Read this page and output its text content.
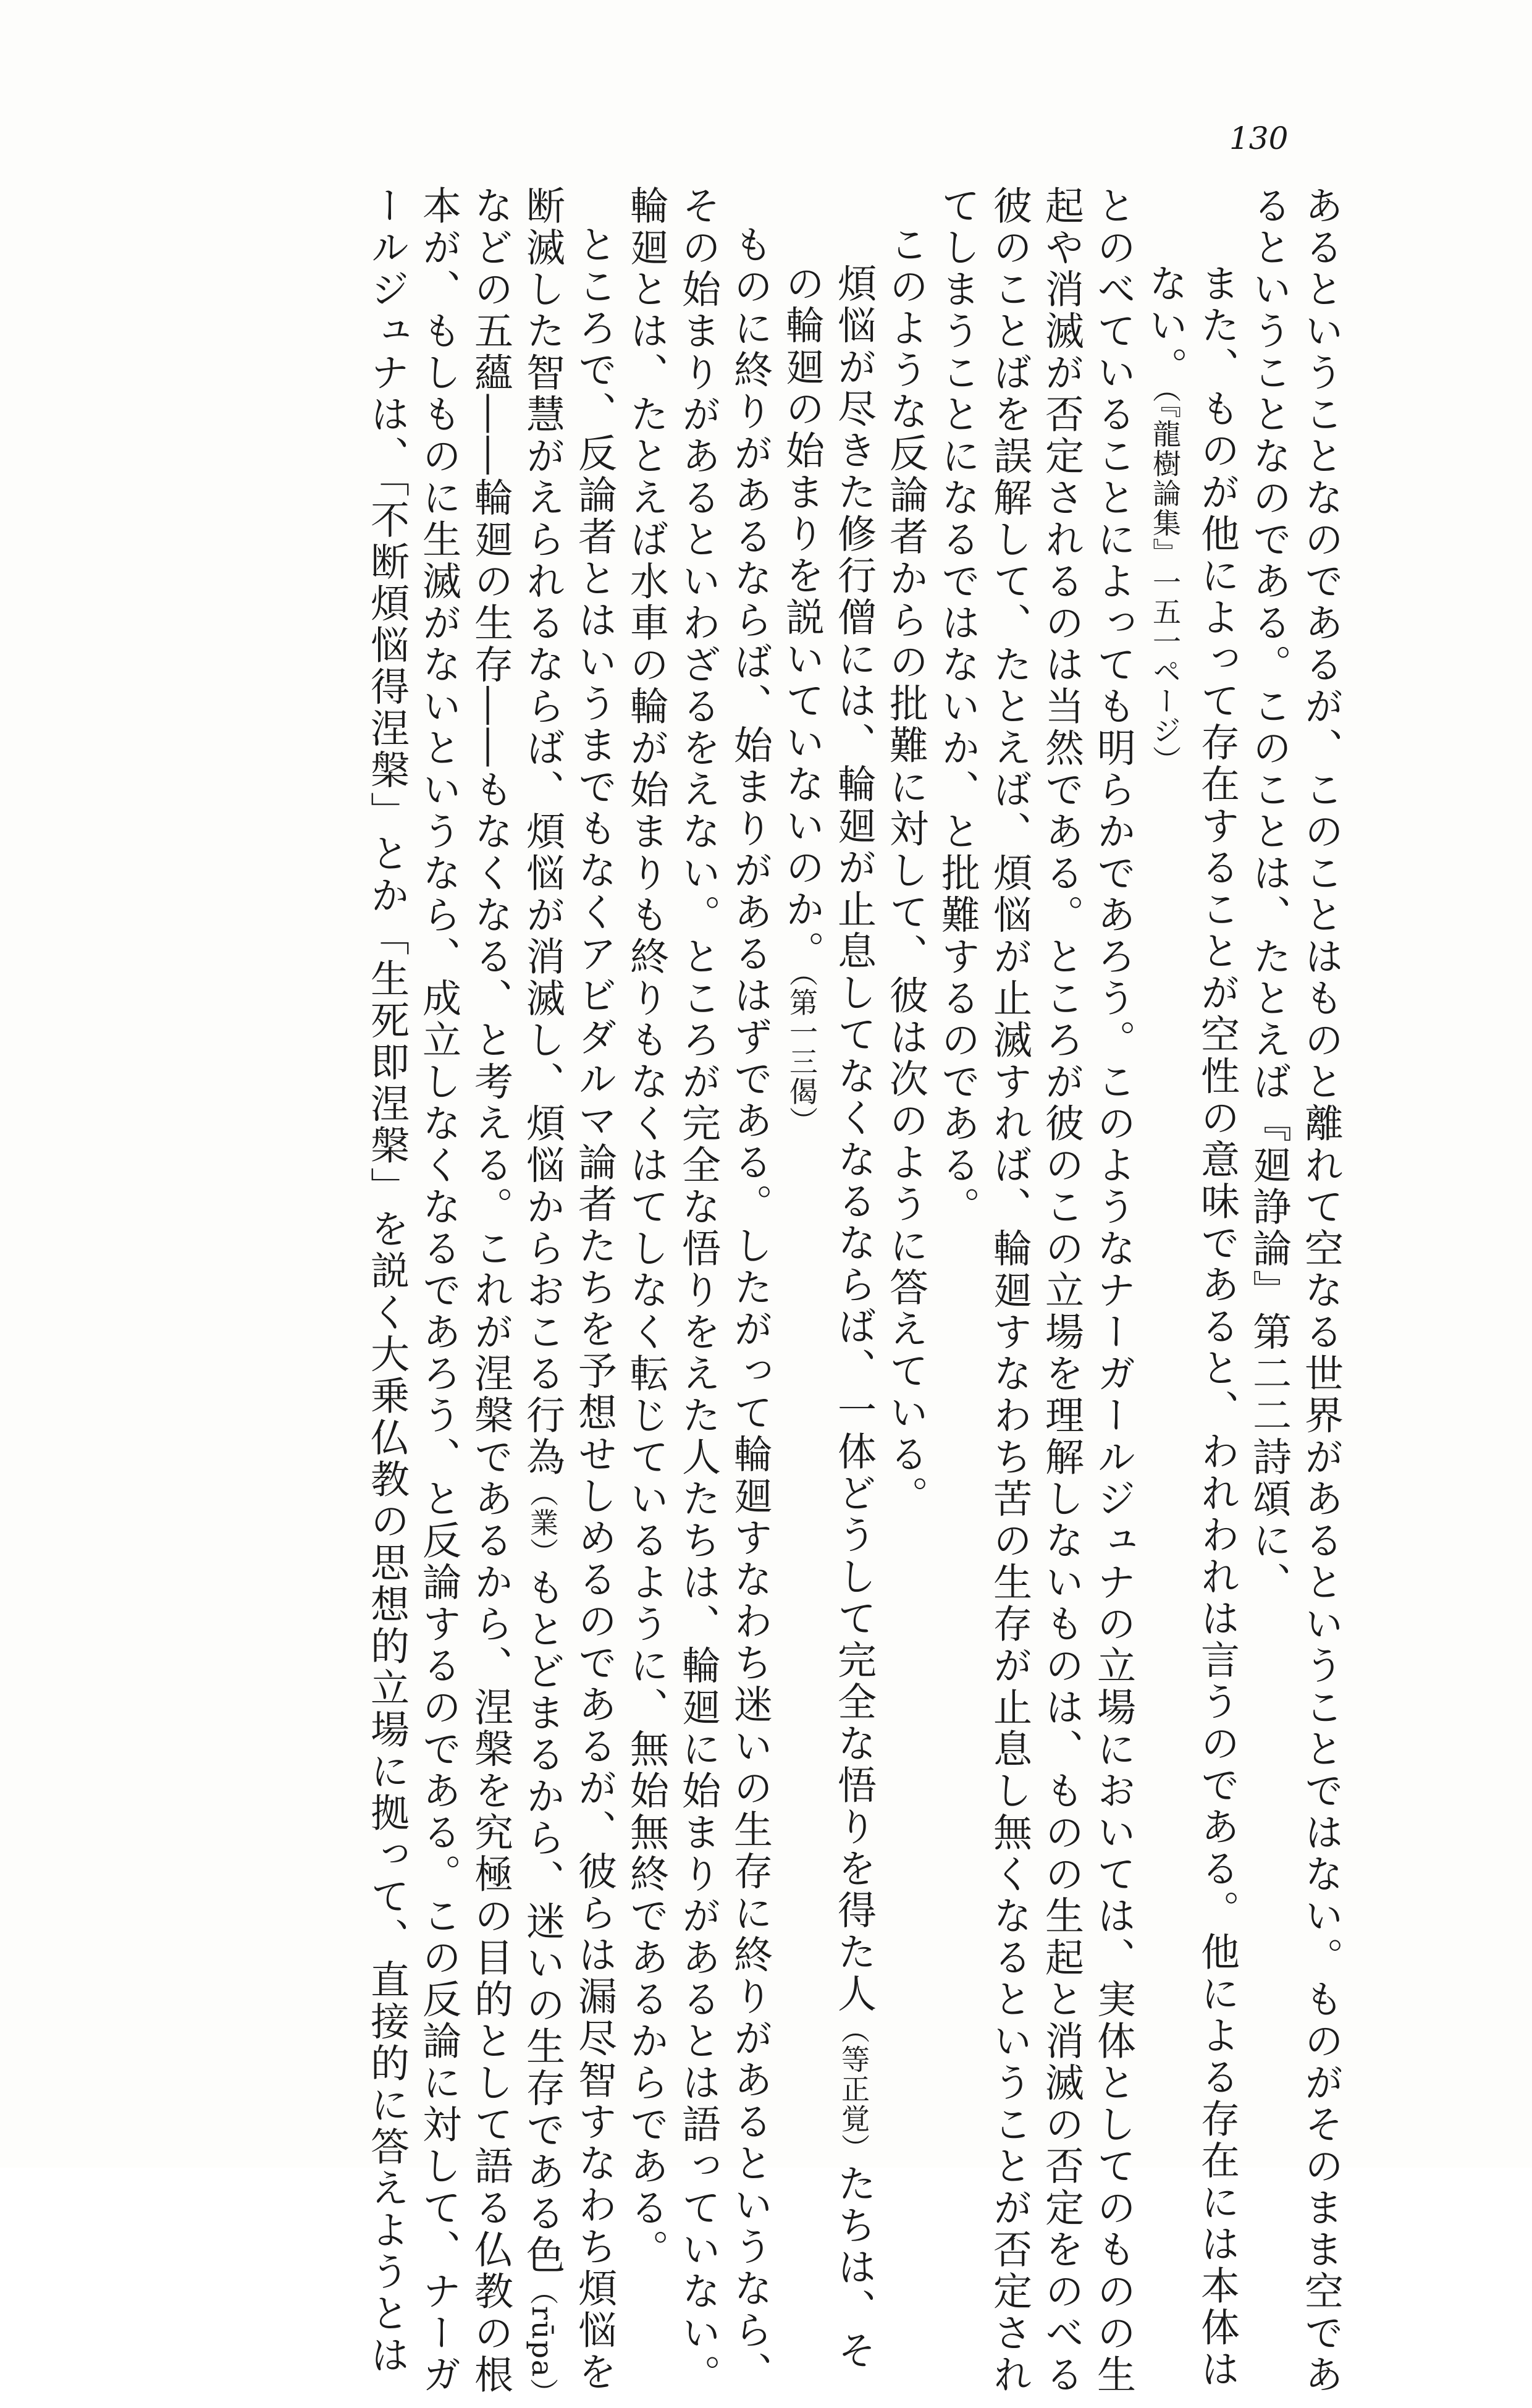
130
あるということなのであるが、このことはものと離れて空なる世界があるということではない。ものがそのまま空であ
るということなのである。このことは、たとえば『廻諍論』第二二詩頌に、
また、ものが他によって存在することが空性の意味であると、われわれは言うのである。他による存在には本体は
ない。（『龍樹論集』一五一ページ）
とのべていることによっても明らかであろう。このようなナーガールジュナの立場においては、実体としてのものの生
起や消滅が否定されるのは当然である。ところが彼のこの立場を理解しないものは、ものの生起と消滅の否定をのべる
彼のことばを誤解して、たとえば、煩悩が止滅すれば、輪廻すなわち苦の生存が止息し無くなるということが否定され
てしまうことになるではないか、と批難するのである。
このような反論者からの批難に対して、彼は次のように答えている。
煩悩が尽きた修行僧には、輪廻が止息してなくなるならば、一体どうして完全な悟りを得た人（等正覚）たちは、そ
の輪廻の始まりを説いていないのか。（第一三偈）
ものに終りがあるならば、始まりがあるはずである。したがって輪廻すなわち迷いの生存に終りがあるというなら、
その始まりがあるといわざるをえない。ところが完全な悟りをえた人たちは、輪廻に始まりがあるとは語っていない。
輪廻とは、たとえば水車の輪が始まりも終りもなくはてしなく転じているように、無始無終であるからである。
ところで、反論者とはいうまでもなくアビダルマ論者たちを予想せしめるのであるが、彼らは漏尽智すなわち煩悩を
断滅した智慧がえられるならば、煩悩が消滅し、煩悩からおこる行為（業）もとどまるから、迷いの生存である色（rūpa）
などの五蘊――輪廻の生存――もなくなる、と考える。これが涅槃であるから、涅槃を究極の目的として語る仏教の根
本が、もしものに生滅がないというなら、成立しなくなるであろう、と反論するのである。この反論に対して、ナーガ
ールジュナは、「不断煩悩得涅槃」とか「生死即涅槃」を説く大乗仏教の思想的立場に拠って、直接的に答えようとは
